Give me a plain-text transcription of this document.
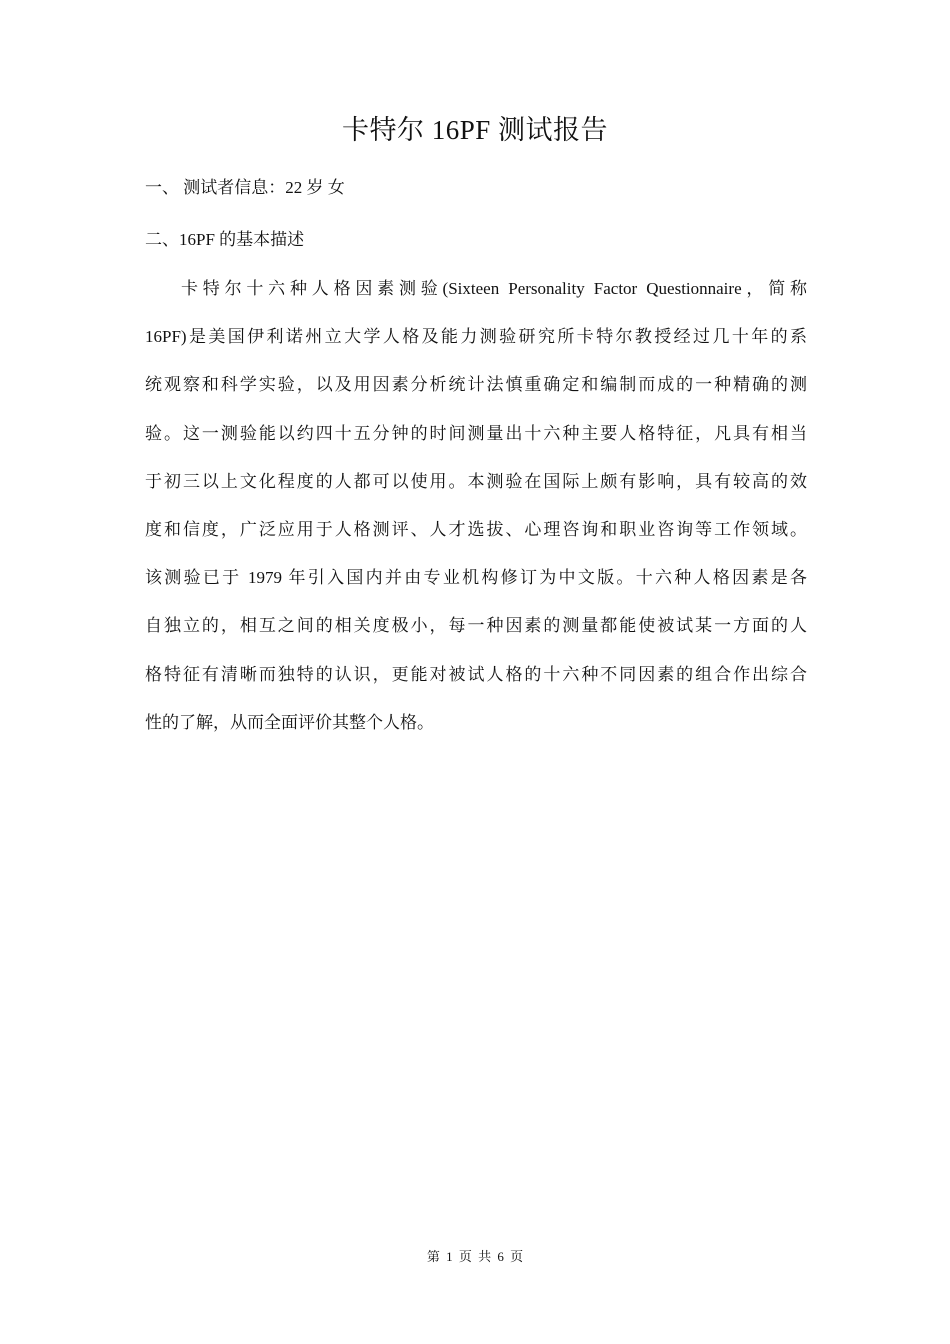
卡特尔 16PF 测试报告
一、 测试者信息：22 岁 女
二、16PF 的基本描述
卡特尔十六种人格因素测验(Sixteen Personality Factor Questionnaire，简称
16PF)是美国伊利诺州立大学人格及能力测验研究所卡特尔教授经过几十年的系
统观察和科学实验，以及用因素分析统计法慎重确定和编制而成的一种精确的测
验。这一测验能以约四十五分钟的时间测量出十六种主要人格特征，凡具有相当
于初三以上文化程度的人都可以使用。本测验在国际上颇有影响，具有较高的效
度和信度，广泛应用于人格测评、人才选拔、心理咨询和职业咨询等工作领域。
该测验已于 1979 年引入国内并由专业机构修订为中文版。十六种人格因素是各
自独立的，相互之间的相关度极小，每一种因素的测量都能使被试某一方面的人
格特征有清晰而独特的认识，更能对被试人格的十六种不同因素的组合作出综合
性的了解，从而全面评价其整个人格。
第 1 页 共 6 页
